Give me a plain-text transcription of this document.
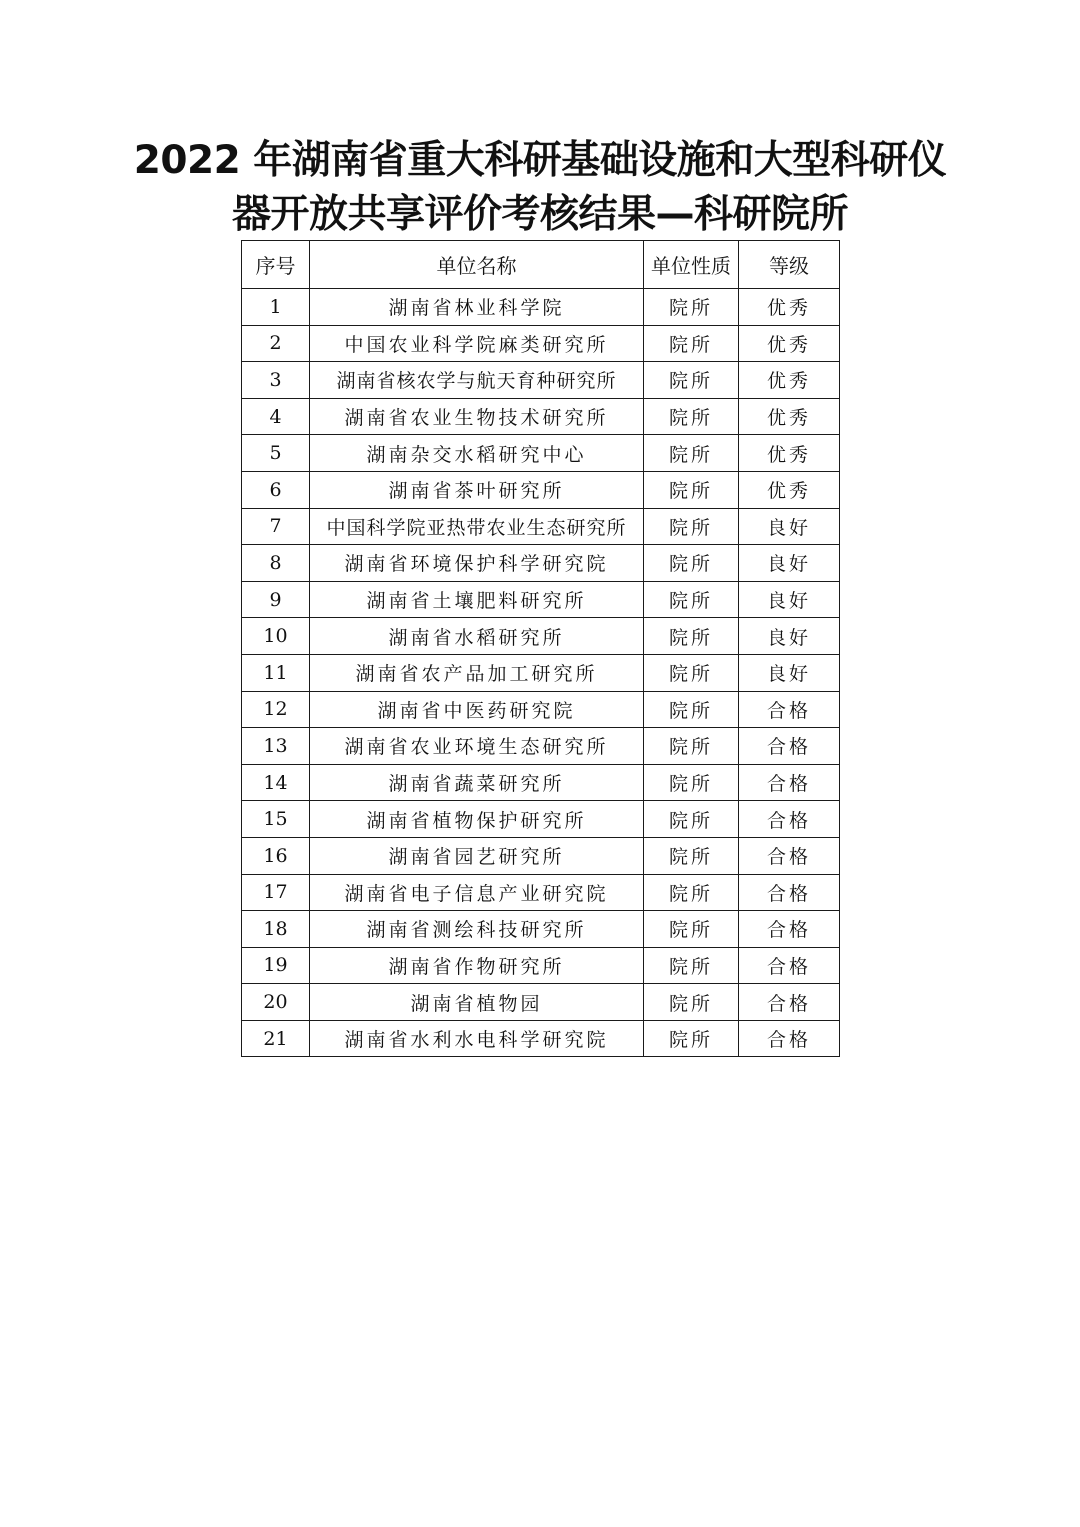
2022 年湖南省重大科研基础设施和大型科研仪
器开放共享评价考核结果—科研院所
序号	单位名称	单位性质	等级
1	湖南省林业科学院	院所	优秀
2	中国农业科学院麻类研究所	院所	优秀
3	湖南省核农学与航天育种研究所	院所	优秀
4	湖南省农业生物技术研究所	院所	优秀
5	湖南杂交水稻研究中心	院所	优秀
6	湖南省茶叶研究所	院所	优秀
7	中国科学院亚热带农业生态研究所	院所	良好
8	湖南省环境保护科学研究院	院所	良好
9	湖南省土壤肥料研究所	院所	良好
10	湖南省水稻研究所	院所	良好
11	湖南省农产品加工研究所	院所	良好
12	湖南省中医药研究院	院所	合格
13	湖南省农业环境生态研究所	院所	合格
14	湖南省蔬菜研究所	院所	合格
15	湖南省植物保护研究所	院所	合格
16	湖南省园艺研究所	院所	合格
17	湖南省电子信息产业研究院	院所	合格
18	湖南省测绘科技研究所	院所	合格
19	湖南省作物研究所	院所	合格
20	湖南省植物园	院所	合格
21	湖南省水利水电科学研究院	院所	合格
